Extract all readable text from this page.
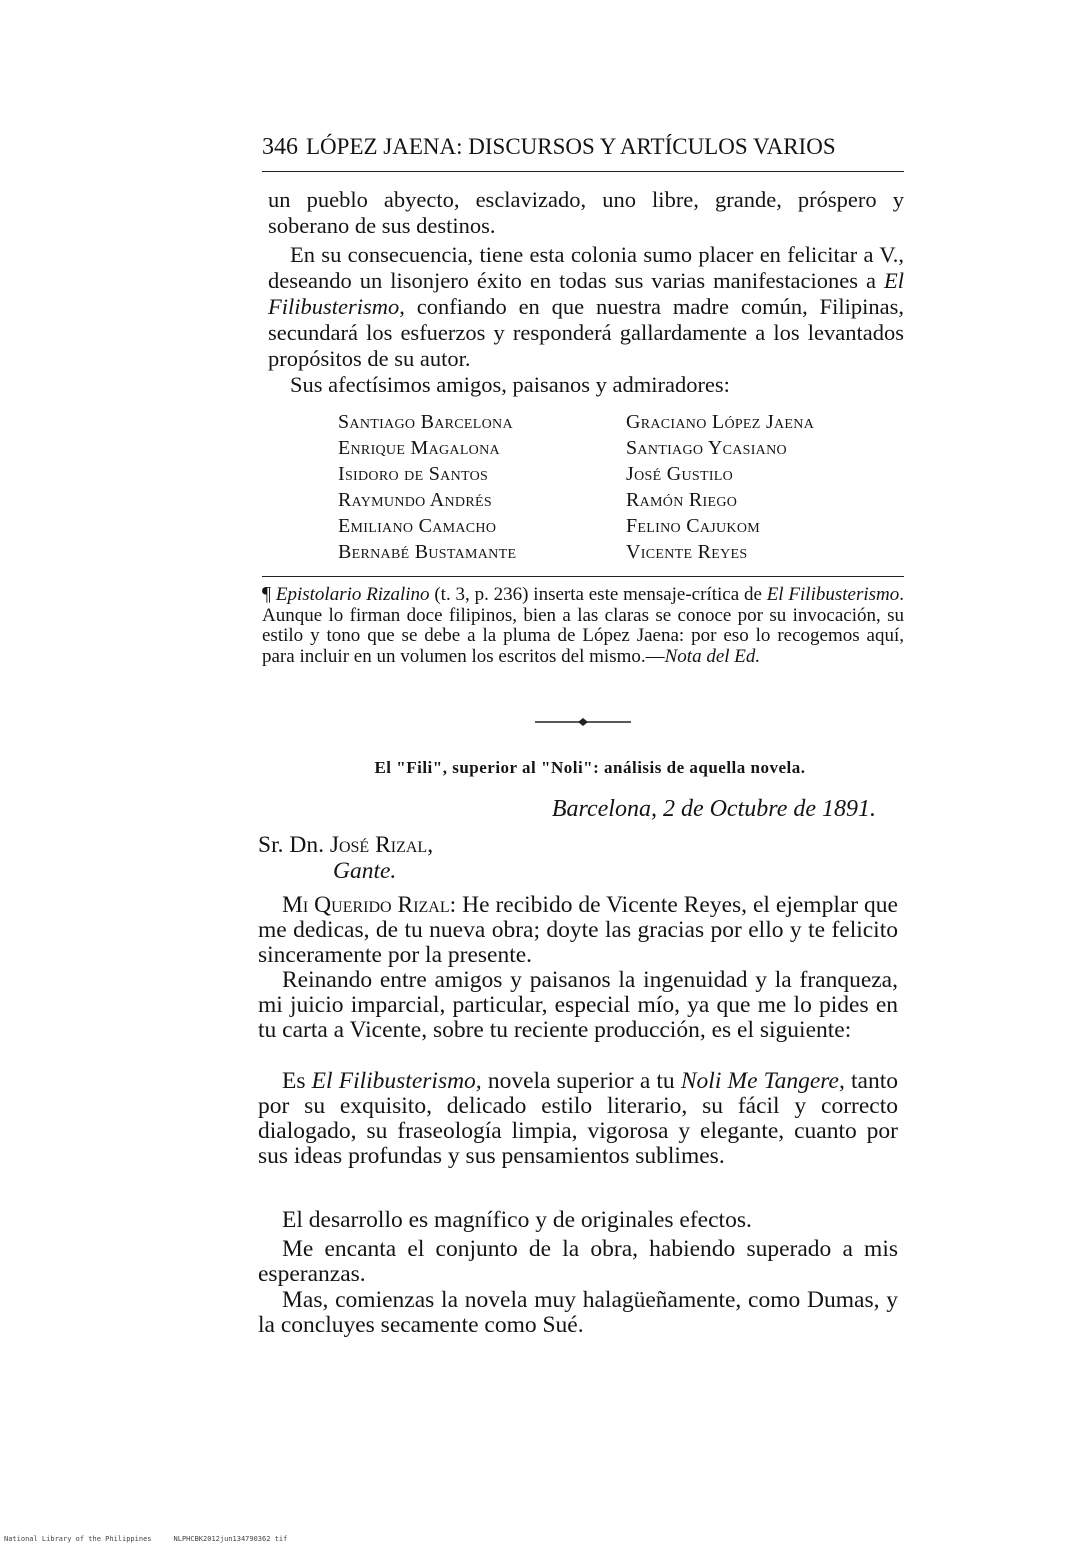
346 LÓPEZ JAENA: DISCURSOS Y ARTÍCULOS VARIOS

un pueblo abyecto, esclavizado, uno libre, grande, próspero y soberano de sus destinos.

En su consecuencia, tiene esta colonia sumo placer en felicitar a V., deseando un lisonjero éxito en todas sus varias manifestaciones a El Filibusterismo, confiando en que nuestra madre común, Filipinas, secundará los esfuerzos y responderá gallardamente a los levantados propósitos de su autor.

Sus afectísimos amigos, paisanos y admiradores:

Santiago Barcelona	Graciano López Jaena
Enrique Magalona	Santiago Ycasiano
Isidoro de Santos	José Gustilo
Raymundo Andrés	Ramón Riego
Emiliano Camacho	Felino Cajukom
Bernabé Bustamante	Vicente Reyes

¶ Epistolario Rizalino (t. 3, p. 236) inserta este mensaje-crítica de El Filibusterismo. Aunque lo firman doce filipinos, bien a las claras se conoce por su invocación, su estilo y tono que se debe a la pluma de López Jaena: por eso lo recogemos aquí, para incluir en un volumen los escritos del mismo.—Nota del Ed.

El "Fili", superior al "Noli": análisis de aquella novela.
Barcelona, 2 de Octubre de 1891.

Sr. Dn. José Rizal,

Gante.

Mi Querido Rizal: He recibido de Vicente Reyes, el ejemplar que me dedicas, de tu nueva obra; doyte las gracias por ello y te felicito sinceramente por la presente.

Reinando entre amigos y paisanos la ingenuidad y la franqueza, mi juicio imparcial, particular, especial mío, ya que me lo pides en tu carta a Vicente, sobre tu reciente producción, es el siguiente:

Es El Filibusterismo, novela superior a tu Noli Me Tangere, tanto por su exquisito, delicado estilo literario, su fácil y correcto dialogado, su fraseología limpia, vigorosa y elegante, cuanto por sus ideas profundas y sus pensamientos sublimes.

El desarrollo es magnífico y de originales efectos.

Me encanta el conjunto de la obra, habiendo superado a mis esperanzas.

Mas, comienzas la novela muy halagüeñamente, como Dumas, y la concluyes secamente como Sué.

National Library of the Philippines	NLPHCBK2012jun134790362 tif
